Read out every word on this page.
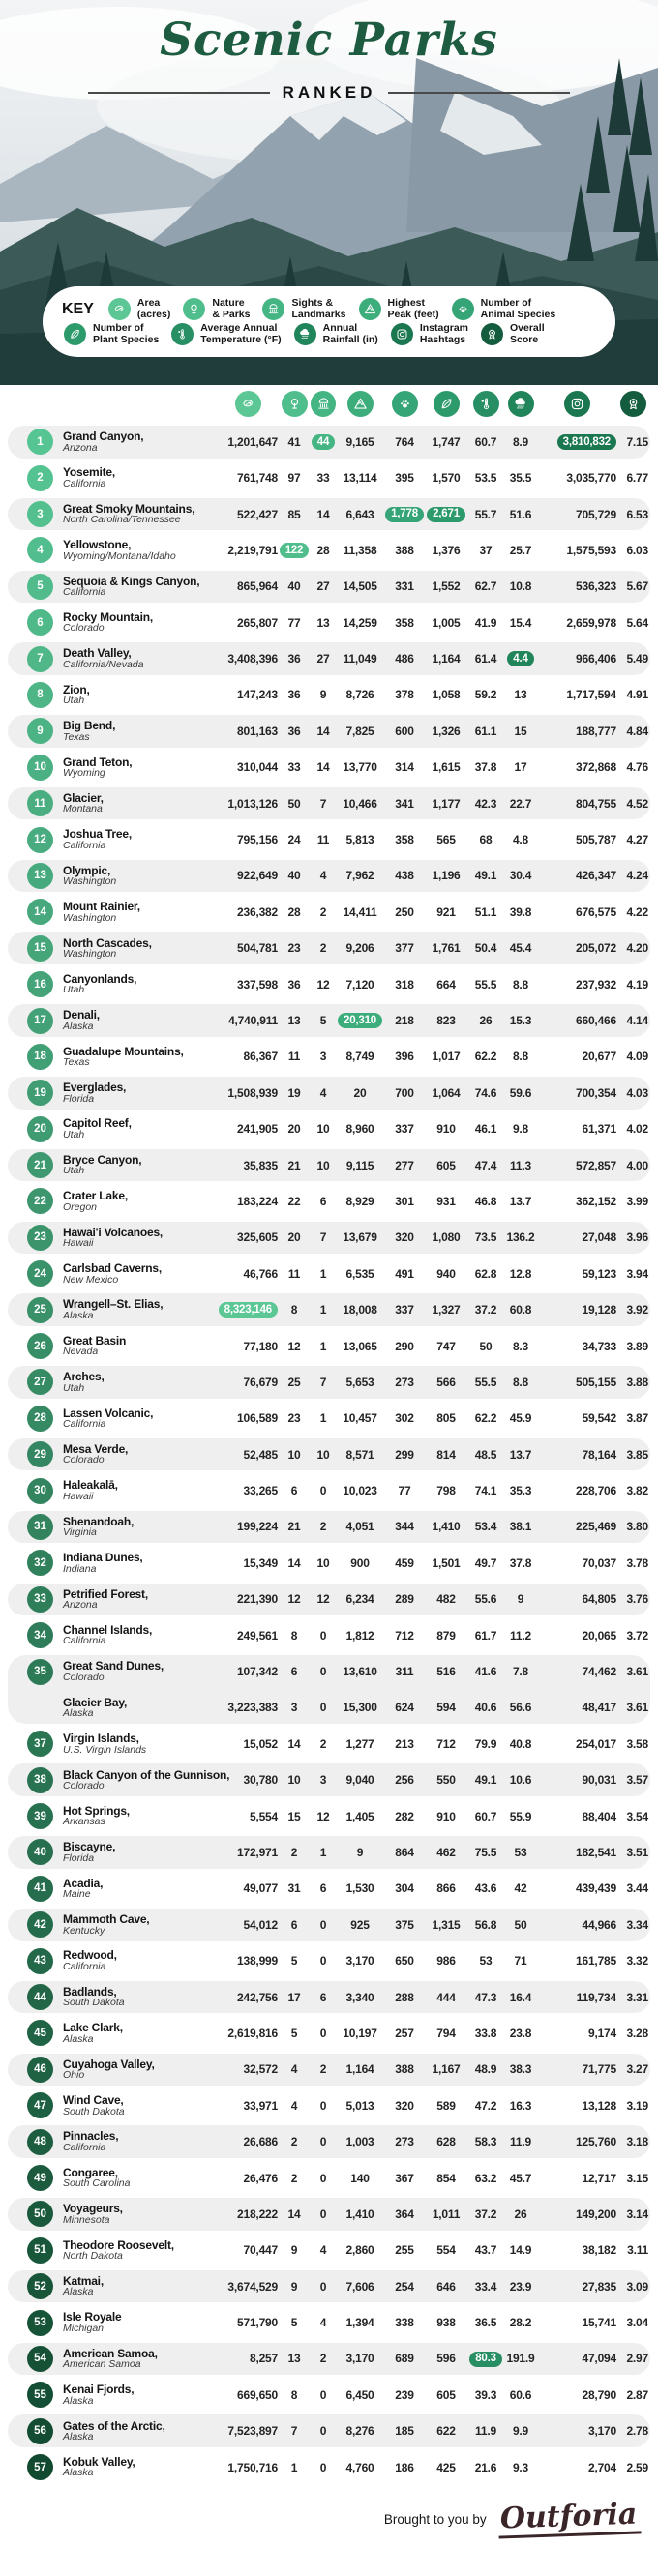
Scenic Parks
RANKED
KEY	Area
(acres)
Nature
& Parks
Sights &
Landmarks
Highest
Peak (feet)
Number of
Animal Species
Number of
Plant Species
Average Annual
Temperature (°F)
Annual
Rainfall (in)
Instagram
Hashtags
Overall
Score
1	Grand Canyon,
Arizona	1,201,647 41	44	9,165	764	1,747	60.7	8.9	3,810,832	7.15
2	Yosemite,
California	761,748 97	33	13,114	395	1,570	53.5	35.5	3,035,770 6.77
3	Great Smoky Mountains,
North Carolina/Tennessee	522,427 85	14	6,643	1,778	2,671	55.7	51.6	705,729 6.53
4	Yellowstone,
Wyoming/Montana/Idaho	2,219,791 122	28	11,358	388	1,376	37	25.7	1,575,593 6.03
5	Sequoia & Kings Canyon,
California	865,964 40	27	14,505	331	1,552	62.7	10.8	536,323 5.67
6	Rocky Mountain,
Colorado	265,807 77	13	14,259	358	1,005	41.9	15.4	2,659,978 5.64
7	Death Valley,
California/Nevada	3,408,396 36	27	11,049	486	1,164	61.4	4.4	966,406 5.49
8	Zion,
Utah	147,243 36	9	8,726	378	1,058	59.2	13	1,717,594 4.91
9	Big Bend,
Texas	801,163 36	14	7,825	600	1,326	61.1	15	188,777 4.84
10	Grand Teton,
Wyoming	310,044 33	14	13,770	314	1,615	37.8	17	372,868 4.76
11	Glacier,
Montana	1,013,126 50	7	10,466	341	1,177	42.3	22.7	804,755 4.52
12	Joshua Tree,
California	795,156 24	11	5,813	358	565	68	4.8	505,787 4.27
13	Olympic,
Washington	922,649 40	4	7,962	438	1,196	49.1	30.4	426,347 4.24
14	Mount Rainier,
Washington	236,382 28	2	14,411	250	921	51.1	39.8	676,575 4.22
15	North Cascades,
Washington	504,781 23	2	9,206	377	1,761	50.4	45.4	205,072 4.20
16	Canyonlands,
Utah	337,598 36	12	7,120	318	664	55.5	8.8	237,932 4.19
17	Denali,
Alaska	4,740,911 13	5	20,310	218	823	26	15.3	660,466 4.14
18	Guadalupe Mountains,
Texas	86,367 11	3	8,749	396	1,017	62.2	8.8	20,677 4.09
19	Everglades,
Florida	1,508,939 19	4	20	700	1,064	74.6	59.6	700,354 4.03
20	Capitol Reef,
Utah	241,905 20	10	8,960	337	910	46.1	9.8	61,371 4.02
21	Bryce Canyon,
Utah	35,835 21	10	9,115	277	605	47.4	11.3	572,857 4.00
22	Crater Lake,
Oregon	183,224 22	6	8,929	301	931	46.8	13.7	362,152 3.99
23	Hawai'i Volcanoes,
Hawaii	325,605 20	7	13,679	320	1,080	73.5 136.2	27,048 3.96
24	Carlsbad Caverns,
New Mexico	46,766 11	1	6,535	491	940	62.8	12.8	59,123 3.94
25	Wrangell–St. Elias,
Alaska
8,323,146	8	1	18,008	337	1,327	37.2	60.8	19,128 3.92
26	Great Basin
Nevada	77,180 12	1	13,065	290	747	50	8.3	34,733 3.89
27	Arches,
Utah	76,679 25	7	5,653	273	566	55.5	8.8	505,155 3.88
28	Lassen Volcanic,
California	106,589 23	1	10,457	302	805	62.2	45.9	59,542 3.87
29	Mesa Verde,
Colorado	52,485 10	10	8,571	299	814	48.5	13.7	78,164 3.85
30	Haleakalā,
Hawaii	33,265	6	0	10,023	77	798	74.1	35.3	228,706 3.82
31	Shenandoah,
Virginia	199,224 21	2	4,051	344	1,410	53.4	38.1	225,469 3.80
32	Indiana Dunes,
Indiana	15,349 14	10	900	459	1,501	49.7	37.8	70,037 3.78
33	Petrified Forest,
Arizona	221,390 12	12	6,234	289	482	55.6	9	64,805 3.76
34	Channel Islands,
California	249,561	8	0	1,812	712	879	61.7	11.2	20,065 3.72
35	Great Sand Dunes,
Colorado	107,342	6	0	13,610	311	516	41.6	7.8	74,462 3.61
Glacier Bay,
Alaska	3,223,383	3	0	15,300	624	594	40.6	56.6	48,417 3.61
37	Virgin Islands,
U.S. Virgin Islands	15,052 14	2	1,277	213	712	79.9	40.8	254,017 3.58
38	Black Canyon of the Gunnison,
Colorado	30,780 10	3	9,040	256	550	49.1	10.6	90,031 3.57
39	Hot Springs,
Arkansas	5,554 15	12	1,405	282	910	60.7	55.9	88,404 3.54
40	Biscayne,
Florida	172,971	2	1	9	864	462	75.5	53	182,541 3.51
41	Acadia,
Maine	49,077 31	6	1,530	304	866	43.6	42	439,439 3.44
42	Mammoth Cave,
Kentucky	54,012	6	0	925	375	1,315	56.8	50	44,966 3.34
43	Redwood,
California	138,999	5	0	3,170	650	986	53	71	161,785 3.32
44	Badlands,
South Dakota	242,756 17	6	3,340	288	444	47.3	16.4	119,734 3.31
45	Lake Clark,
Alaska	2,619,816	5	0	10,197	257	794	33.8	23.8	9,174 3.28
46	Cuyahoga Valley,
Ohio	32,572	4	2	1,164	388	1,167	48.9	38.3	71,775 3.27
47	Wind Cave,
South Dakota	33,971	4	0	5,013	320	589	47.2	16.3	13,128 3.19
48	Pinnacles,
California	26,686	2	0	1,003	273	628	58.3	11.9	125,760 3.18
49	Congaree,
South Carolina	26,476	2	0	140	367	854	63.2	45.7	12,717 3.15
50	Voyageurs,
Minnesota	218,222 14	0	1,410	364	1,011	37.2	26	149,200 3.14
51	Theodore Roosevelt,
North Dakota	70,447	9	4	2,860	255	554	43.7	14.9	38,182 3.11
52	Katmai,
Alaska	3,674,529	9	0	7,606	254	646	33.4	23.9	27,835 3.09
53	Isle Royale
Michigan	571,790	5	4	1,394	338	938	36.5	28.2	15,741 3.04
54	American Samoa,
American Samoa	8,257 13	2	3,170	689	596	80.3 191.9	47,094 2.97
55	Kenai Fjords,
Alaska	669,650	8	0	6,450	239	605	39.3	60.6	28,790 2.87
56	Gates of the Arctic,
Alaska	7,523,897	7	0	8,276	185	622	11.9	9.9	3,170 2.78
57	Kobuk Valley,
Alaska	1,750,716	1	0	4,760	186	425	21.6	9.3	2,704 2.59
Brought to you by Outforia
